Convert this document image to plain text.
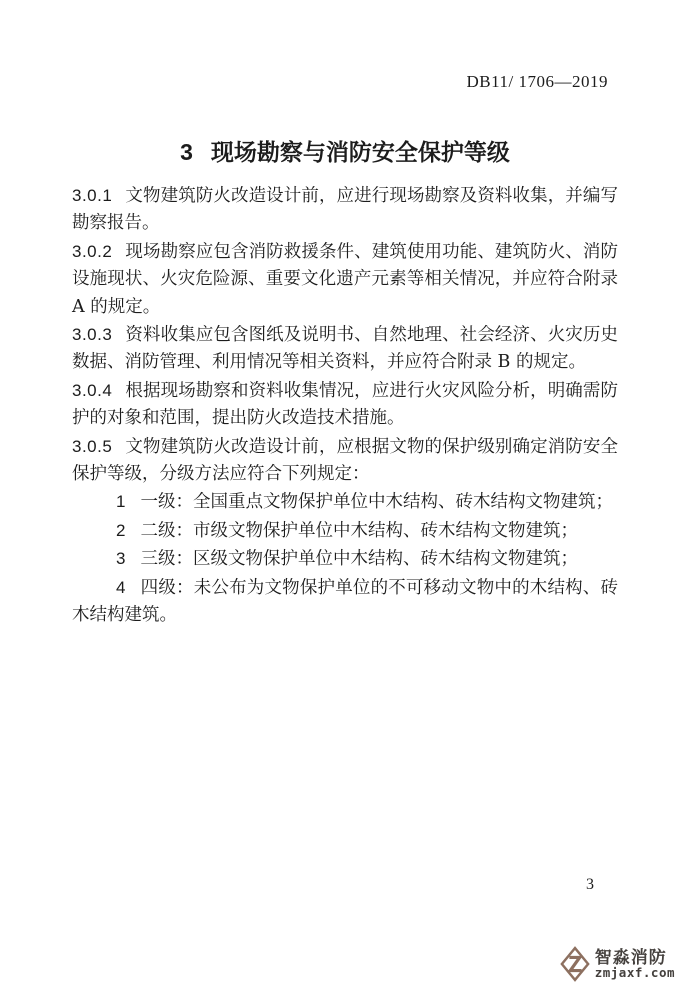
DB11/ 1706—2019
3 现场勘察与消防安全保护等级

3.0.1 文物建筑防火改造设计前，应进行现场勘察及资料收集，并编写勘察报告。

3.0.2 现场勘察应包含消防救援条件、建筑使用功能、建筑防火、消防设施现状、火灾危险源、重要文化遗产元素等相关情况，并应符合附录 A 的规定。

3.0.3 资料收集应包含图纸及说明书、自然地理、社会经济、火灾历史数据、消防管理、利用情况等相关资料，并应符合附录 B 的规定。

3.0.4 根据现场勘察和资料收集情况，应进行火灾风险分析，明确需防护的对象和范围，提出防火改造技术措施。

3.0.5 文物建筑防火改造设计前，应根据文物的保护级别确定消防安全保护等级，分级方法应符合下列规定：

1 一级：全国重点文物保护单位中木结构、砖木结构文物建筑；

2 二级：市级文物保护单位中木结构、砖木结构文物建筑；

3 三级：区级文物保护单位中木结构、砖木结构文物建筑；

4 四级：未公布为文物保护单位的不可移动文物中的木结构、砖木结构建筑。

3
智淼消防
zmjaxf.com
